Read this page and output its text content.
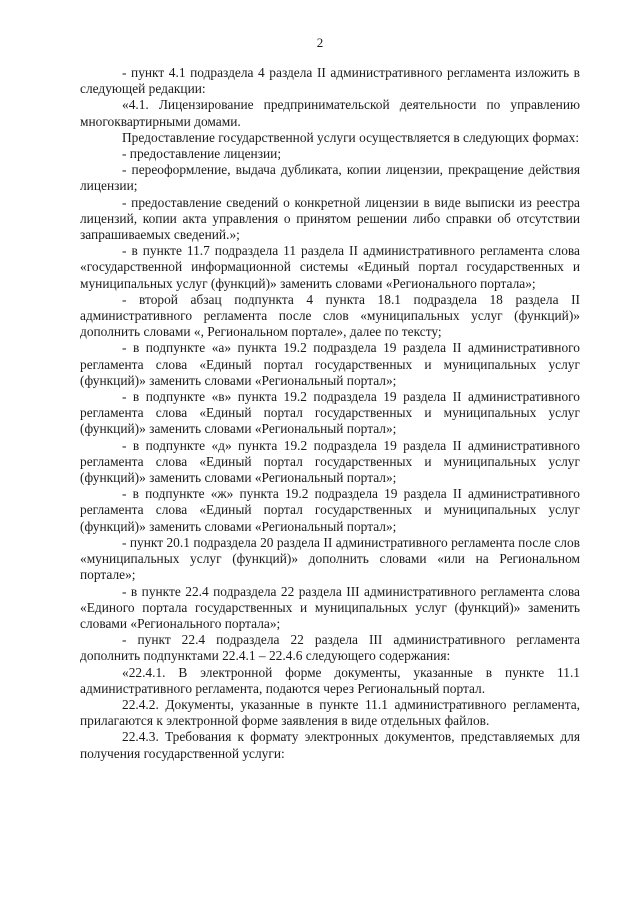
2

- пункт 4.1 подраздела 4 раздела II административного регламента изложить в следующей редакции:

«4.1. Лицензирование предпринимательской деятельности по управлению многоквартирными домами.

Предоставление государственной услуги осуществляется в следующих формах:

- предоставление лицензии;

- переоформление, выдача дубликата, копии лицензии, прекращение действия лицензии;

- предоставление сведений о конкретной лицензии в виде выписки из реестра лицензий, копии акта управления о принятом решении либо справки об отсутствии запрашиваемых сведений.»;

- в пункте 11.7 подраздела 11 раздела II административного регламента слова «государственной информационной системы «Единый портал государственных и муниципальных услуг (функций)» заменить словами «Регионального портала»;

- второй абзац подпункта 4 пункта 18.1 подраздела 18 раздела II административного регламента после слов «муниципальных услуг (функций)» дополнить словами «, Региональном портале», далее по тексту;

- в подпункте «а» пункта 19.2 подраздела 19 раздела II административного регламента слова «Единый портал государственных и муниципальных услуг (функций)» заменить словами «Региональный портал»;

- в подпункте «в» пункта 19.2 подраздела 19 раздела II административного регламента слова «Единый портал государственных и муниципальных услуг (функций)» заменить словами «Региональный портал»;

- в подпункте «д» пункта 19.2 подраздела 19 раздела II административного регламента слова «Единый портал государственных и муниципальных услуг (функций)» заменить словами «Региональный портал»;

- в подпункте «ж» пункта 19.2 подраздела 19 раздела II административного регламента слова «Единый портал государственных и муниципальных услуг (функций)» заменить словами «Региональный портал»;

- пункт 20.1 подраздела 20 раздела II административного регламента после слов «муниципальных услуг (функций)» дополнить словами «или на Региональном портале»;

- в пункте 22.4 подраздела 22 раздела III административного регламента слова «Единого портала государственных и муниципальных услуг (функций)» заменить словами «Регионального портала»;

- пункт 22.4 подраздела 22 раздела III административного регламента дополнить подпунктами 22.4.1 – 22.4.6 следующего содержания:

«22.4.1. В электронной форме документы, указанные в пункте 11.1 административного регламента, подаются через Региональный портал.

22.4.2. Документы, указанные в пункте 11.1 административного регламента, прилагаются к электронной форме заявления в виде отдельных файлов.

22.4.3. Требования к формату электронных документов, представляемых для получения государственной услуги:
